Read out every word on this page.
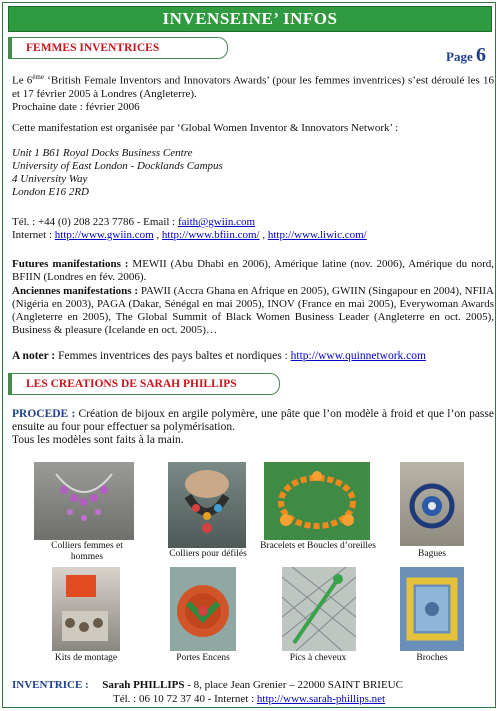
INVENSEINE’ INFOS
FEMMES INVENTRICES
Page 6
Le 6ème ‘British Female Inventors and Innovators Awards’ (pour les femmes inventrices) s’est déroulé les 16 et 17 février 2005 à Londres (Angleterre).
Prochaine date : février 2006
Cette manifestation est organisée par ‘Global Women Inventor & Innovators Network’ :
Unit 1 B61 Royal Docks Business Centre
University of East London - Docklands Campus
4 University Way
London E16 2RD
Tél. : +44 (0) 208 223 7786 - Email : faith@gwiin.com
Internet : http://www.gwiin.com , http://www.bfiin.com/ , http://www.liwic.com/
Futures manifestations : MEWII (Abu Dhabi en 2006), Amérique latine (nov. 2006), Amérique du nord, BFIIN (Londres en fév. 2006).
Anciennes manifestations : PAWII (Accra Ghana en Afrique en 2005), GWIIN (Singapour en 2004), NFIIA (Nigéria en 2003), PAGA (Dakar, Sénégal en mai 2005), INOV (France en mai 2005), Everywoman Awards (Angleterre en 2005), The Global Summit of Black Women Business Leader (Angleterre en oct. 2005), Business & pleasure (Icelande en oct. 2005)…
A noter : Femmes inventrices des pays baltes et nordiques : http://www.quinnetwork.com
LES CREATIONS DE SARAH PHILLIPS
PROCEDE : Création de bijoux en argile polymère, une pâte que l’on modèle à froid et que l’on passe ensuite au four pour effectuer sa polymérisation.
Tous les modèles sont faits à la main.
Colliers femmes et hommes	Colliers pour défilés
Bracelets et Boucles d’oreilles
Bagues
Kits de montage	Portes Encens	Pics à cheveux	Broches
INVENTRICE : Sarah PHILLIPS - 8, place Jean Grenier – 22000 SAINT BRIEUC
Tél. : 06 10 72 37 40 - Internet : http://www.sarah-phillips.net
